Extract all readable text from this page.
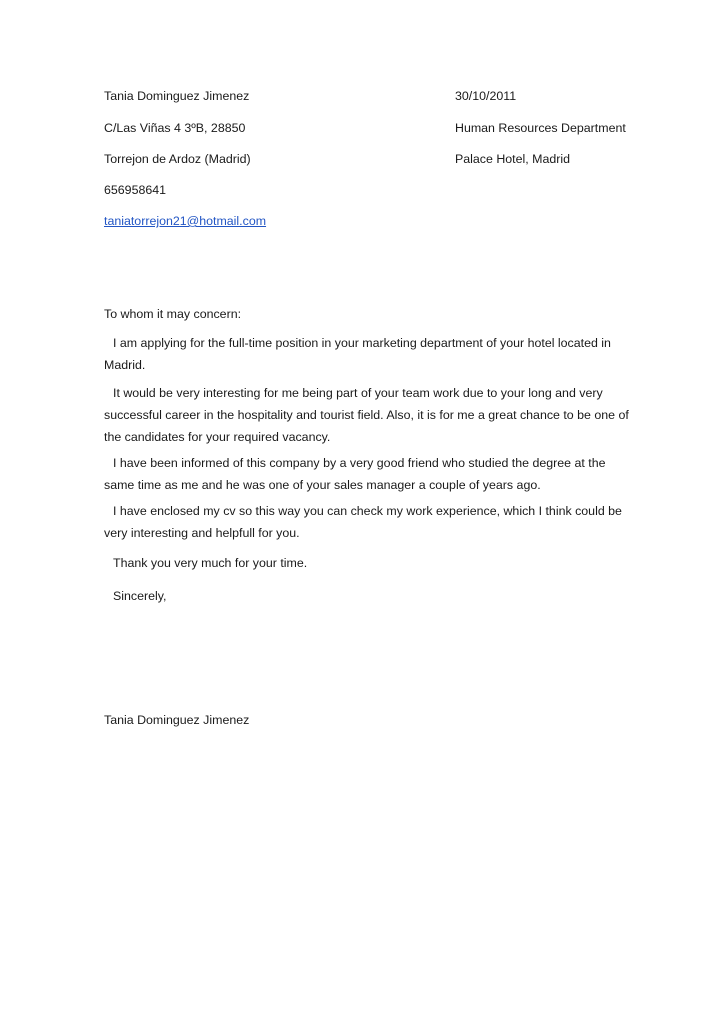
Tania Dominguez Jimenez
C/Las Viñas 4 3ºB, 28850
Torrejon de Ardoz (Madrid)
656958641
taniatorrejon21@hotmail.com
30/10/2011
Human Resources Department
Palace Hotel, Madrid
To whom it may concern:
I am applying for the full-time position in your marketing department of your hotel located in Madrid.
It would be very interesting for me being part of your team work due to your long and very successful career in the hospitality and tourist field. Also, it is for me a great chance to be one of the candidates for your required vacancy.
I have been informed of this company by a very good friend who studied the degree at the same time as me and he was one of your sales manager a couple of years ago.
I have enclosed my cv so this way you can check my work experience, which I think could be very interesting and helpfull for you.
Thank you very much for your time.
Sincerely,
Tania Dominguez Jimenez
